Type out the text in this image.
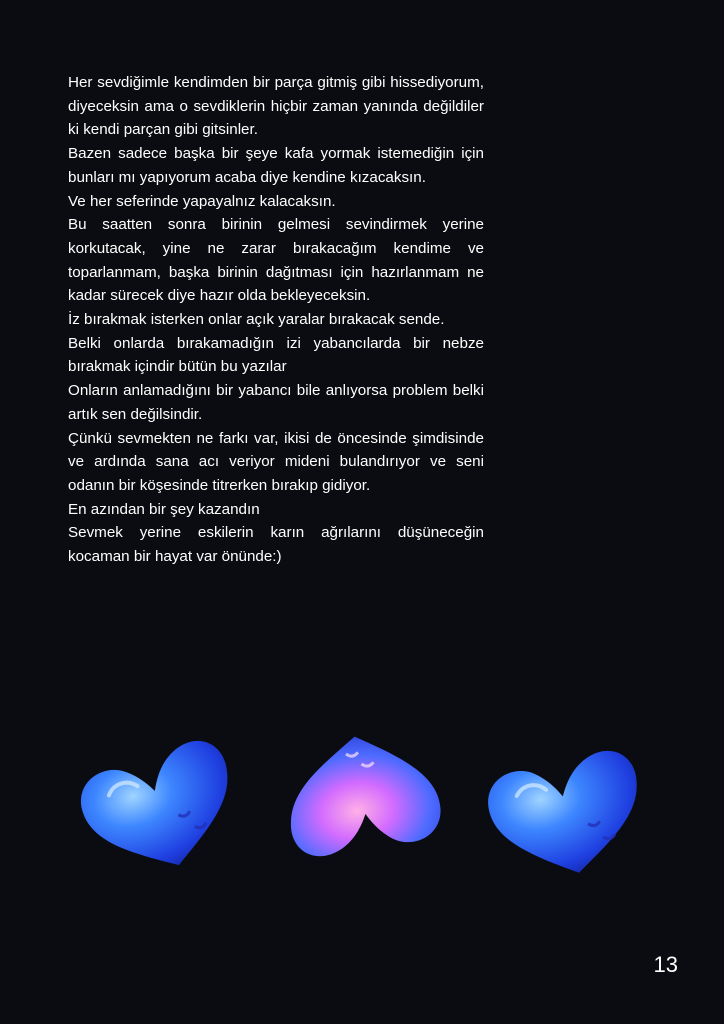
Her sevdiğimle kendimden bir parça gitmiş gibi hissediyorum, diyeceksin ama o sevdiklerin hiçbir zaman yanında değildiler ki kendi parçan gibi gitsinler.

Bazen sadece başka bir şeye kafa yormak istemediğin için bunları mı yapıyorum acaba diye kendine kızacaksın.

Ve her seferinde yapayalnız kalacaksın.

Bu saatten sonra birinin gelmesi sevindirmek yerine korkutacak, yine ne zarar bırakacağım kendime ve toparlanmam, başka birinin dağıtması için hazırlanmam ne kadar sürecek diye hazır olda bekleyeceksin.

İz bırakmak isterken onlar açık yaralar bırakacak sende.

Belki onlarda bırakamadığın izi yabancılarda bir nebze bırakmak içindir bütün bu yazılar

Onların anlamadığını bir yabancı bile anlıyorsa problem belki artık sen değilsindir.

Çünkü sevmekten ne farkı var, ikisi de öncesinde şimdisinde ve ardında sana acı veriyor mideni bulandırıyor ve seni odanın bir köşesinde titrerken bırakıp gidiyor.

En azından bir şey kazandın

Sevmek yerine eskilerin karın ağrılarını düşüneceğin kocaman bir hayat var önünde:)

13
